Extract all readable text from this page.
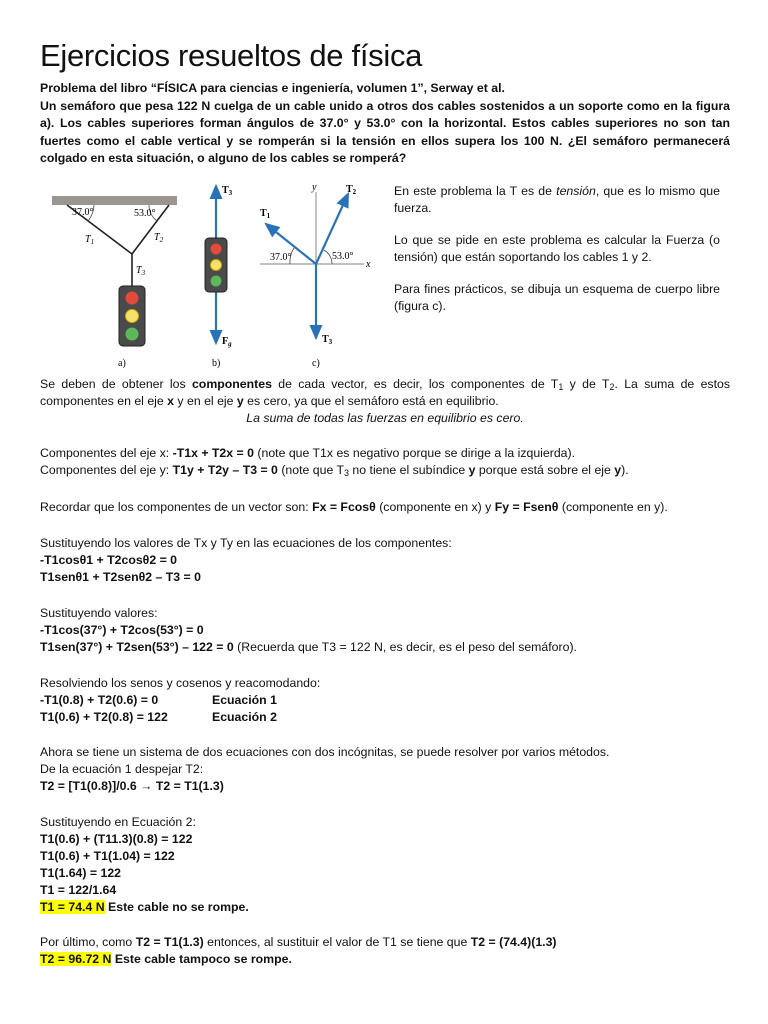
Ejercicios resueltos de física

Problema del libro “FÍSICA para ciencias e ingeniería, volumen 1”, Serway et al.

Un semáforo que pesa 122 N cuelga de un cable unido a otros dos cables sostenidos a un soporte como en la figura a). Los cables superiores forman ángulos de 37.0° y 53.0° con la horizontal. Estos cables superiores no son tan fuertes como el cable vertical y se romperán si la tensión en ellos supera los 100 N. ¿El semáforo permanecerá colgado en esta situación, o alguno de los cables se romperá?

37.0°	53.0°
$T_1$	$T_2$
$T_3$
a)
$T_3$
$F_g$
b)
y
x
37.0°	53.0°
$T_1$
$T_2$
$T_3$
c)

En este problema la T es de tensión, que es lo mismo que fuerza.

Lo que se pide en este problema es calcular la Fuerza (o tensión) que están soportando los cables 1 y 2.

Para fines prácticos, se dibuja un esquema de cuerpo libre (figura c).

Se deben de obtener los componentes de cada vector, es decir, los componentes de $T_1$ y de $T_2$. La suma de estos componentes en el eje x y en el eje y es cero, ya que el semáforo está en equilibrio.

La suma de todas las fuerzas en equilibrio es cero.

Componentes del eje x: -T1x + T2x = 0 (note que T1x es negativo porque se dirige a la izquierda).

Componentes del eje y: T1y + T2y – T3 = 0 (note que $T_3$ no tiene el subíndice y porque está sobre el eje y).

Recordar que los componentes de un vector son: Fx = Fcosθ (componente en x) y Fy = Fsenθ (componente en y).

Sustituyendo los valores de Tx y Ty en las ecuaciones de los componentes:

-T1cosθ1 + T2cosθ2 = 0

T1senθ1 + T2senθ2 – T3 = 0

Sustituyendo valores:

-T1cos(37°) + T2cos(53°) = 0

T1sen(37°) + T2sen(53°) – 122 = 0 (Recuerda que T3 = 122 N, es decir, es el peso del semáforo).

Resolviendo los senos y cosenos y reacomodando:

-T1(0.8) + T2(0.6) = 0	Ecuación 1

T1(0.6) + T2(0.8) = 122	Ecuación 2

Ahora se tiene un sistema de dos ecuaciones con dos incógnitas, se puede resolver por varios métodos.

De la ecuación 1 despejar T2:

T2 = [T1(0.8)]/0.6 → T2 = T1(1.3)

Sustituyendo en Ecuación 2:

T1(0.6) + (T11.3)(0.8) = 122

T1(0.6) + T1(1.04) = 122

T1(1.64) = 122

T1 = 122/1.64

T1 = 74.4 N Este cable no se rompe.

Por último, como T2 = T1(1.3) entonces, al sustituir el valor de T1 se tiene que T2 = (74.4)(1.3)

T2 = 96.72 N Este cable tampoco se rompe.
